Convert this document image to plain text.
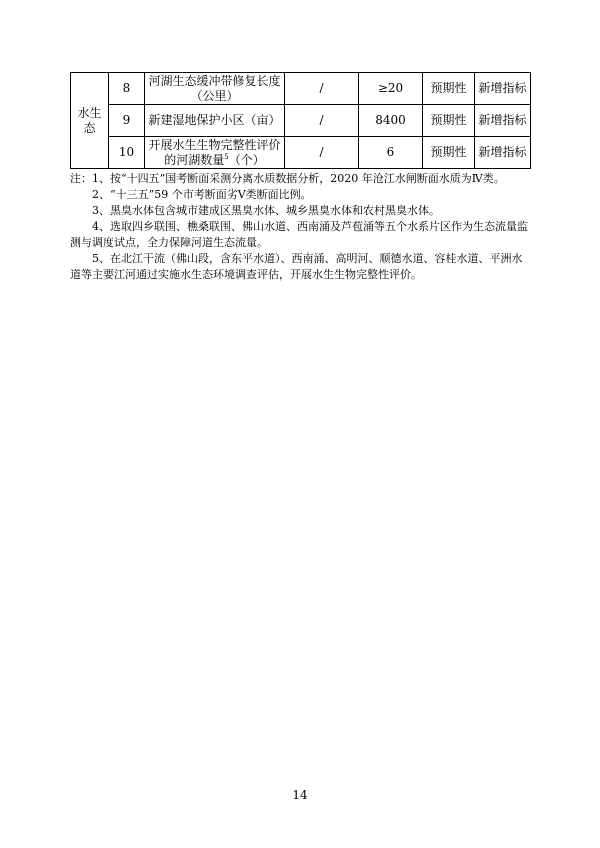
水生态	8	河湖生态缓冲带修复长度（公里）	/	≥20	预期性	新增指标
	9	新建湿地保护小区（亩）	/	8400	预期性	新增指标
	10	开展水生生物完整性评价的河湖数量$^5$（个）	/	6	预期性	新增指标

注：1、按“十四五”国考断面采测分离水质数据分析，2020 年沧江水闸断面水质为Ⅳ类。

2、“十三五”59 个市考断面劣Ⅴ类断面比例。

3、黑臭水体包含城市建成区黑臭水体、城乡黑臭水体和农村黑臭水体。

4、选取四乡联围、樵桑联围、佛山水道、西南涌及芦苞涌等五个水系片区作为生态流量监测与调度试点，全力保障河道生态流量。

5、在北江干流（佛山段，含东平水道）、西南涌、高明河、顺德水道、容桂水道、平洲水道等主要江河通过实施水生态环境调查评估，开展水生生物完整性评价。

14
